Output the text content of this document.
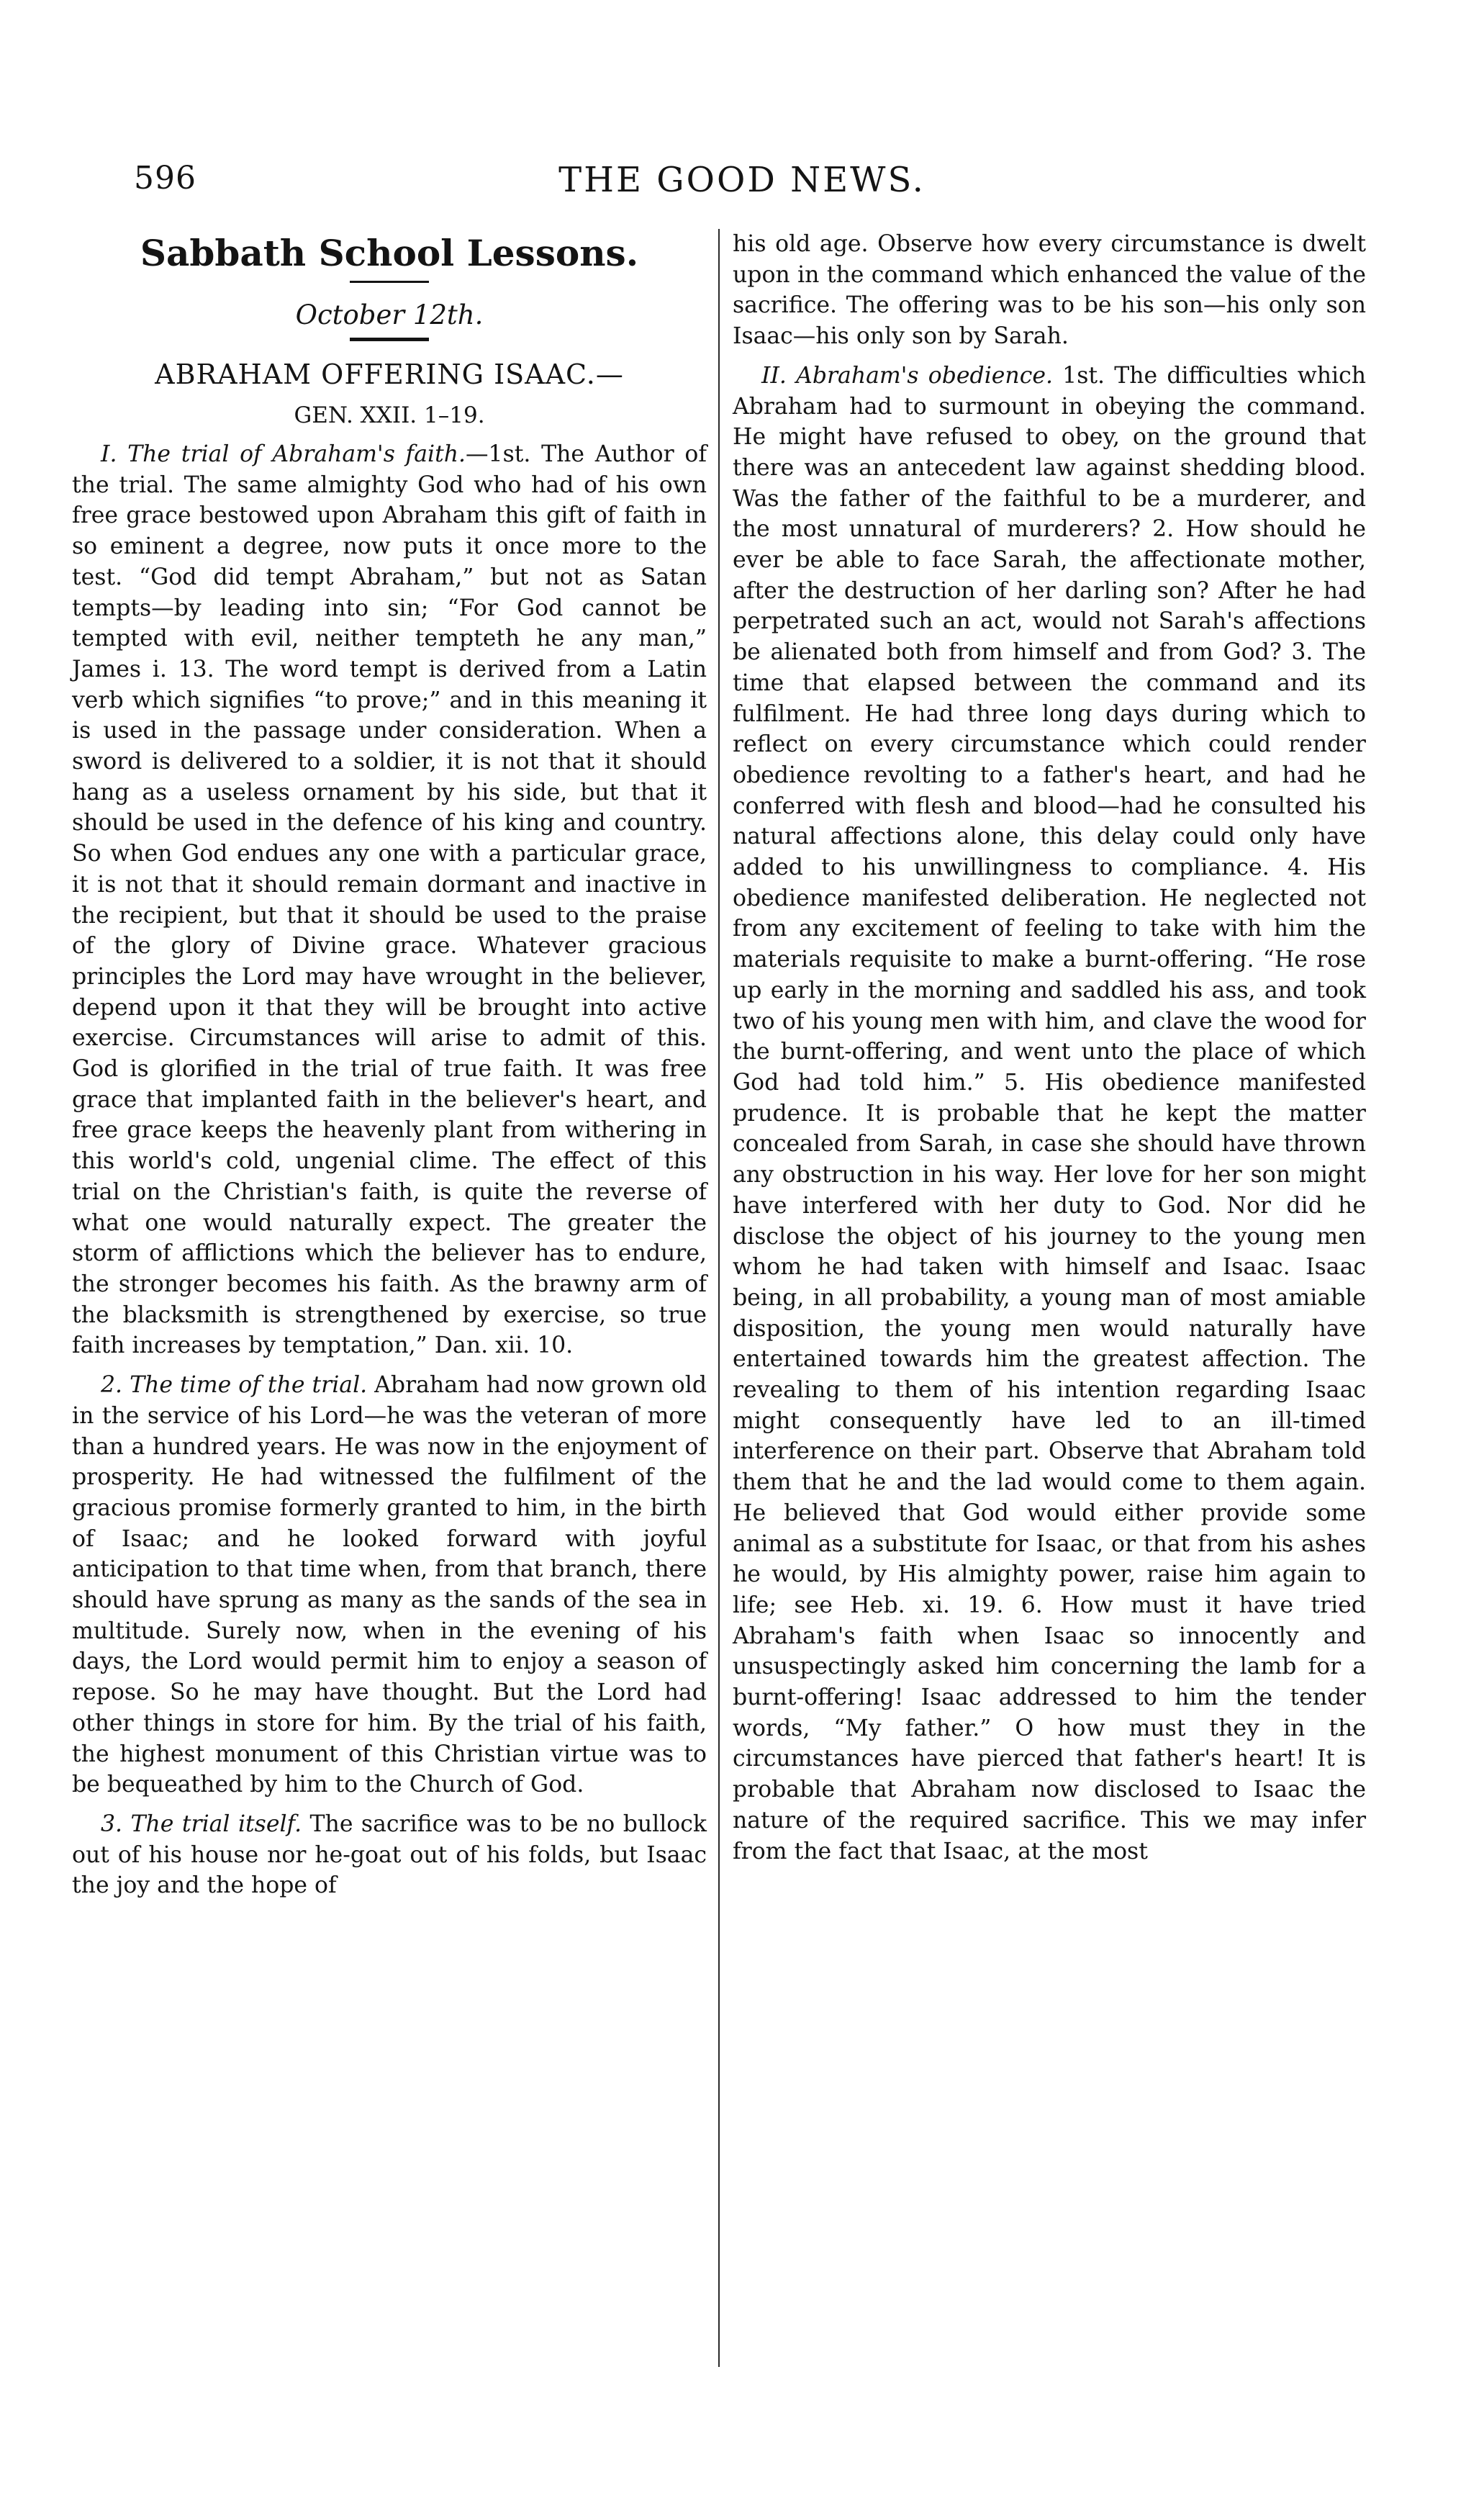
596	THE GOOD NEWS.
Sabbath School Lessons.
October 12th.
ABRAHAM OFFERING ISAAC.—
GEN. XXII. 1–19.

I. The trial of Abraham's faith.—1st. The Author of the trial. The same almighty God who had of his own free grace bestowed upon Abraham this gift of faith in so eminent a degree, now puts it once more to the test. “God did tempt Abraham,” but not as Satan tempts—by leading into sin; “For God cannot be tempted with evil, neither tempteth he any man,” James i. 13. The word tempt is derived from a Latin verb which signifies “to prove;” and in this meaning it is used in the passage under consideration. When a sword is delivered to a soldier, it is not that it should hang as a useless ornament by his side, but that it should be used in the defence of his king and country. So when God endues any one with a particular grace, it is not that it should remain dormant and inactive in the recipient, but that it should be used to the praise of the glory of Divine grace. Whatever gracious principles the Lord may have wrought in the believer, depend upon it that they will be brought into active exercise. Circumstances will arise to admit of this. God is glorified in the trial of true faith. It was free grace that implanted faith in the believer's heart, and free grace keeps the heavenly plant from withering in this world's cold, ungenial clime. The effect of this trial on the Christian's faith, is quite the reverse of what one would naturally expect. The greater the storm of afflictions which the believer has to endure, the stronger becomes his faith. As the brawny arm of the blacksmith is strengthened by exercise, so true faith increases by temptation,” Dan. xii. 10.

2. The time of the trial. Abraham had now grown old in the service of his Lord—he was the veteran of more than a hundred years. He was now in the enjoyment of prosperity. He had witnessed the fulfilment of the gracious promise formerly granted to him, in the birth of Isaac; and he looked forward with joyful anticipation to that time when, from that branch, there should have sprung as many as the sands of the sea in multitude. Surely now, when in the evening of his days, the Lord would permit him to enjoy a season of repose. So he may have thought. But the Lord had other things in store for him. By the trial of his faith, the highest monument of this Christian virtue was to be bequeathed by him to the Church of God.

3. The trial itself. The sacrifice was to be no bullock out of his house nor he-goat out of his folds, but Isaac the joy and the hope of

his old age. Observe how every circumstance is dwelt upon in the command which enhanced the value of the sacrifice. The offering was to be his son—his only son Isaac—his only son by Sarah.

II. Abraham's obedience. 1st. The difficulties which Abraham had to surmount in obeying the command. He might have refused to obey, on the ground that there was an antecedent law against shedding blood. Was the father of the faithful to be a murderer, and the most unnatural of murderers? 2. How should he ever be able to face Sarah, the affectionate mother, after the destruction of her darling son? After he had perpetrated such an act, would not Sarah's affections be alienated both from himself and from God? 3. The time that elapsed between the command and its fulfilment. He had three long days during which to reflect on every circumstance which could render obedience revolting to a father's heart, and had he conferred with flesh and blood—had he consulted his natural affections alone, this delay could only have added to his unwillingness to compliance. 4. His obedience manifested deliberation. He neglected not from any excitement of feeling to take with him the materials requisite to make a burnt-offering. “He rose up early in the morning and saddled his ass, and took two of his young men with him, and clave the wood for the burnt-offering, and went unto the place of which God had told him.” 5. His obedience manifested prudence. It is probable that he kept the matter concealed from Sarah, in case she should have thrown any obstruction in his way. Her love for her son might have interfered with her duty to God. Nor did he disclose the object of his journey to the young men whom he had taken with himself and Isaac. Isaac being, in all probability, a young man of most amiable disposition, the young men would naturally have entertained towards him the greatest affection. The revealing to them of his intention regarding Isaac might consequently have led to an ill-timed interference on their part. Observe that Abraham told them that he and the lad would come to them again. He believed that God would either provide some animal as a substitute for Isaac, or that from his ashes he would, by His almighty power, raise him again to life; see Heb. xi. 19. 6. How must it have tried Abraham's faith when Isaac so innocently and unsuspectingly asked him concerning the lamb for a burnt-offering! Isaac addressed to him the tender words, “My father.” O how must they in the circumstances have pierced that father's heart! It is probable that Abraham now disclosed to Isaac the nature of the required sacrifice. This we may infer from the fact that Isaac, at the most
